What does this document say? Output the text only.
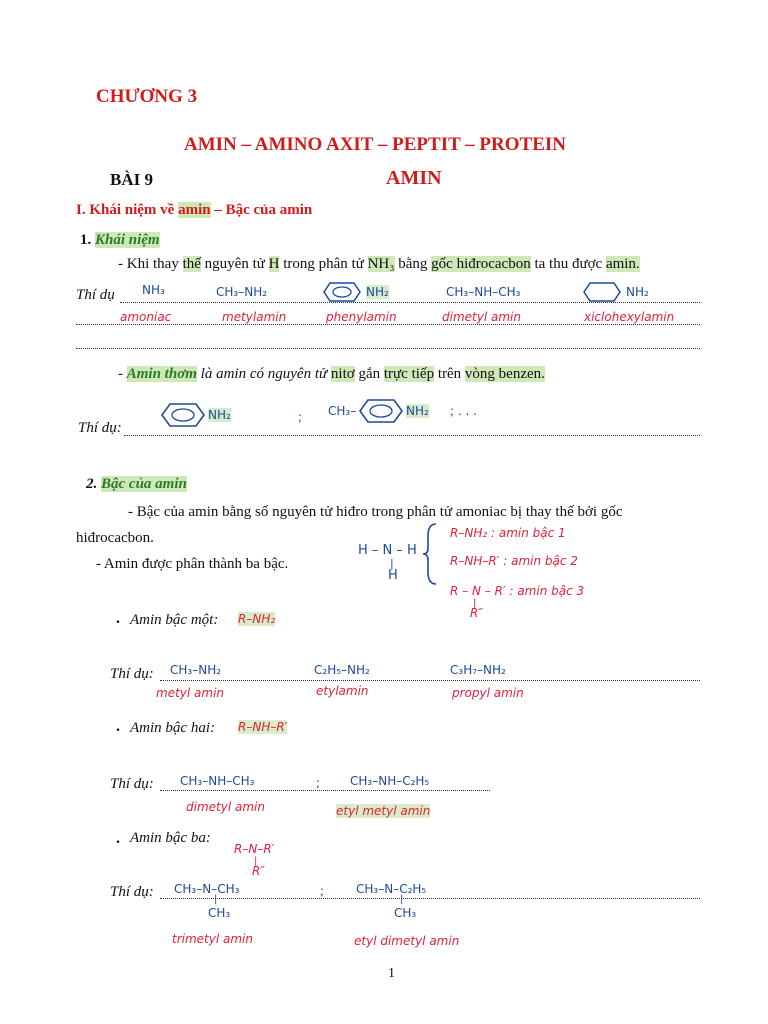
CHƯƠNG 3
AMIN – AMINO AXIT – PEPTIT – PROTEIN
BÀI 9	AMIN
I. Khái niệm về amin – Bậc của amin
1. Khái niệm
- Khi thay thế nguyên tử H trong phân tử NH₃ bằng gốc hiđrocacbon ta thu được amin.
Thí dụ NH₃	CH₃–NH₂	NH₂	CH₃–NH–CH₃	NH₂
amoniac	metylamin	phenylamin	dimetyl amin	xiclohexylamin
- Amin thơm là amin có nguyên tử nitơ gắn trực tiếp trên vòng benzen.
NH₂	; CH₃–	NH₂ ; . . .
Thí dụ:
2. Bậc của amin
- Bậc của amin bằng số nguyên tử hiđro trong phân tử amoniac bị thay thế bởi gốc
hiđrocacbon.
- Amin được phân thành ba bậc.
H – N – H
|
H
R–NH₂ : amin bậc 1
R–NH–R′ : amin bậc 2
R – N – R′ : amin bậc 3
|
R″
. Amin bậc một: R–NH₂
Thí dụ: CH₃–NH₂	C₂H₅–NH₂	C₃H₇–NH₂
metyl amin	etylamin	propyl amin
. Amin bậc hai: R–NH–R′
Thí dụ: CH₃–NH–CH₃	; CH₃–NH–C₂H₅
dimetyl amin	etyl metyl amin
. Amin bậc ba:
R–N–R′
|
R″
Thí dụ: CH₃–N–CH₃
|
CH₃
;	CH₃–N–C₂H₅
|
CH₃
trimetyl amin	etyl dimetyl amin
1
